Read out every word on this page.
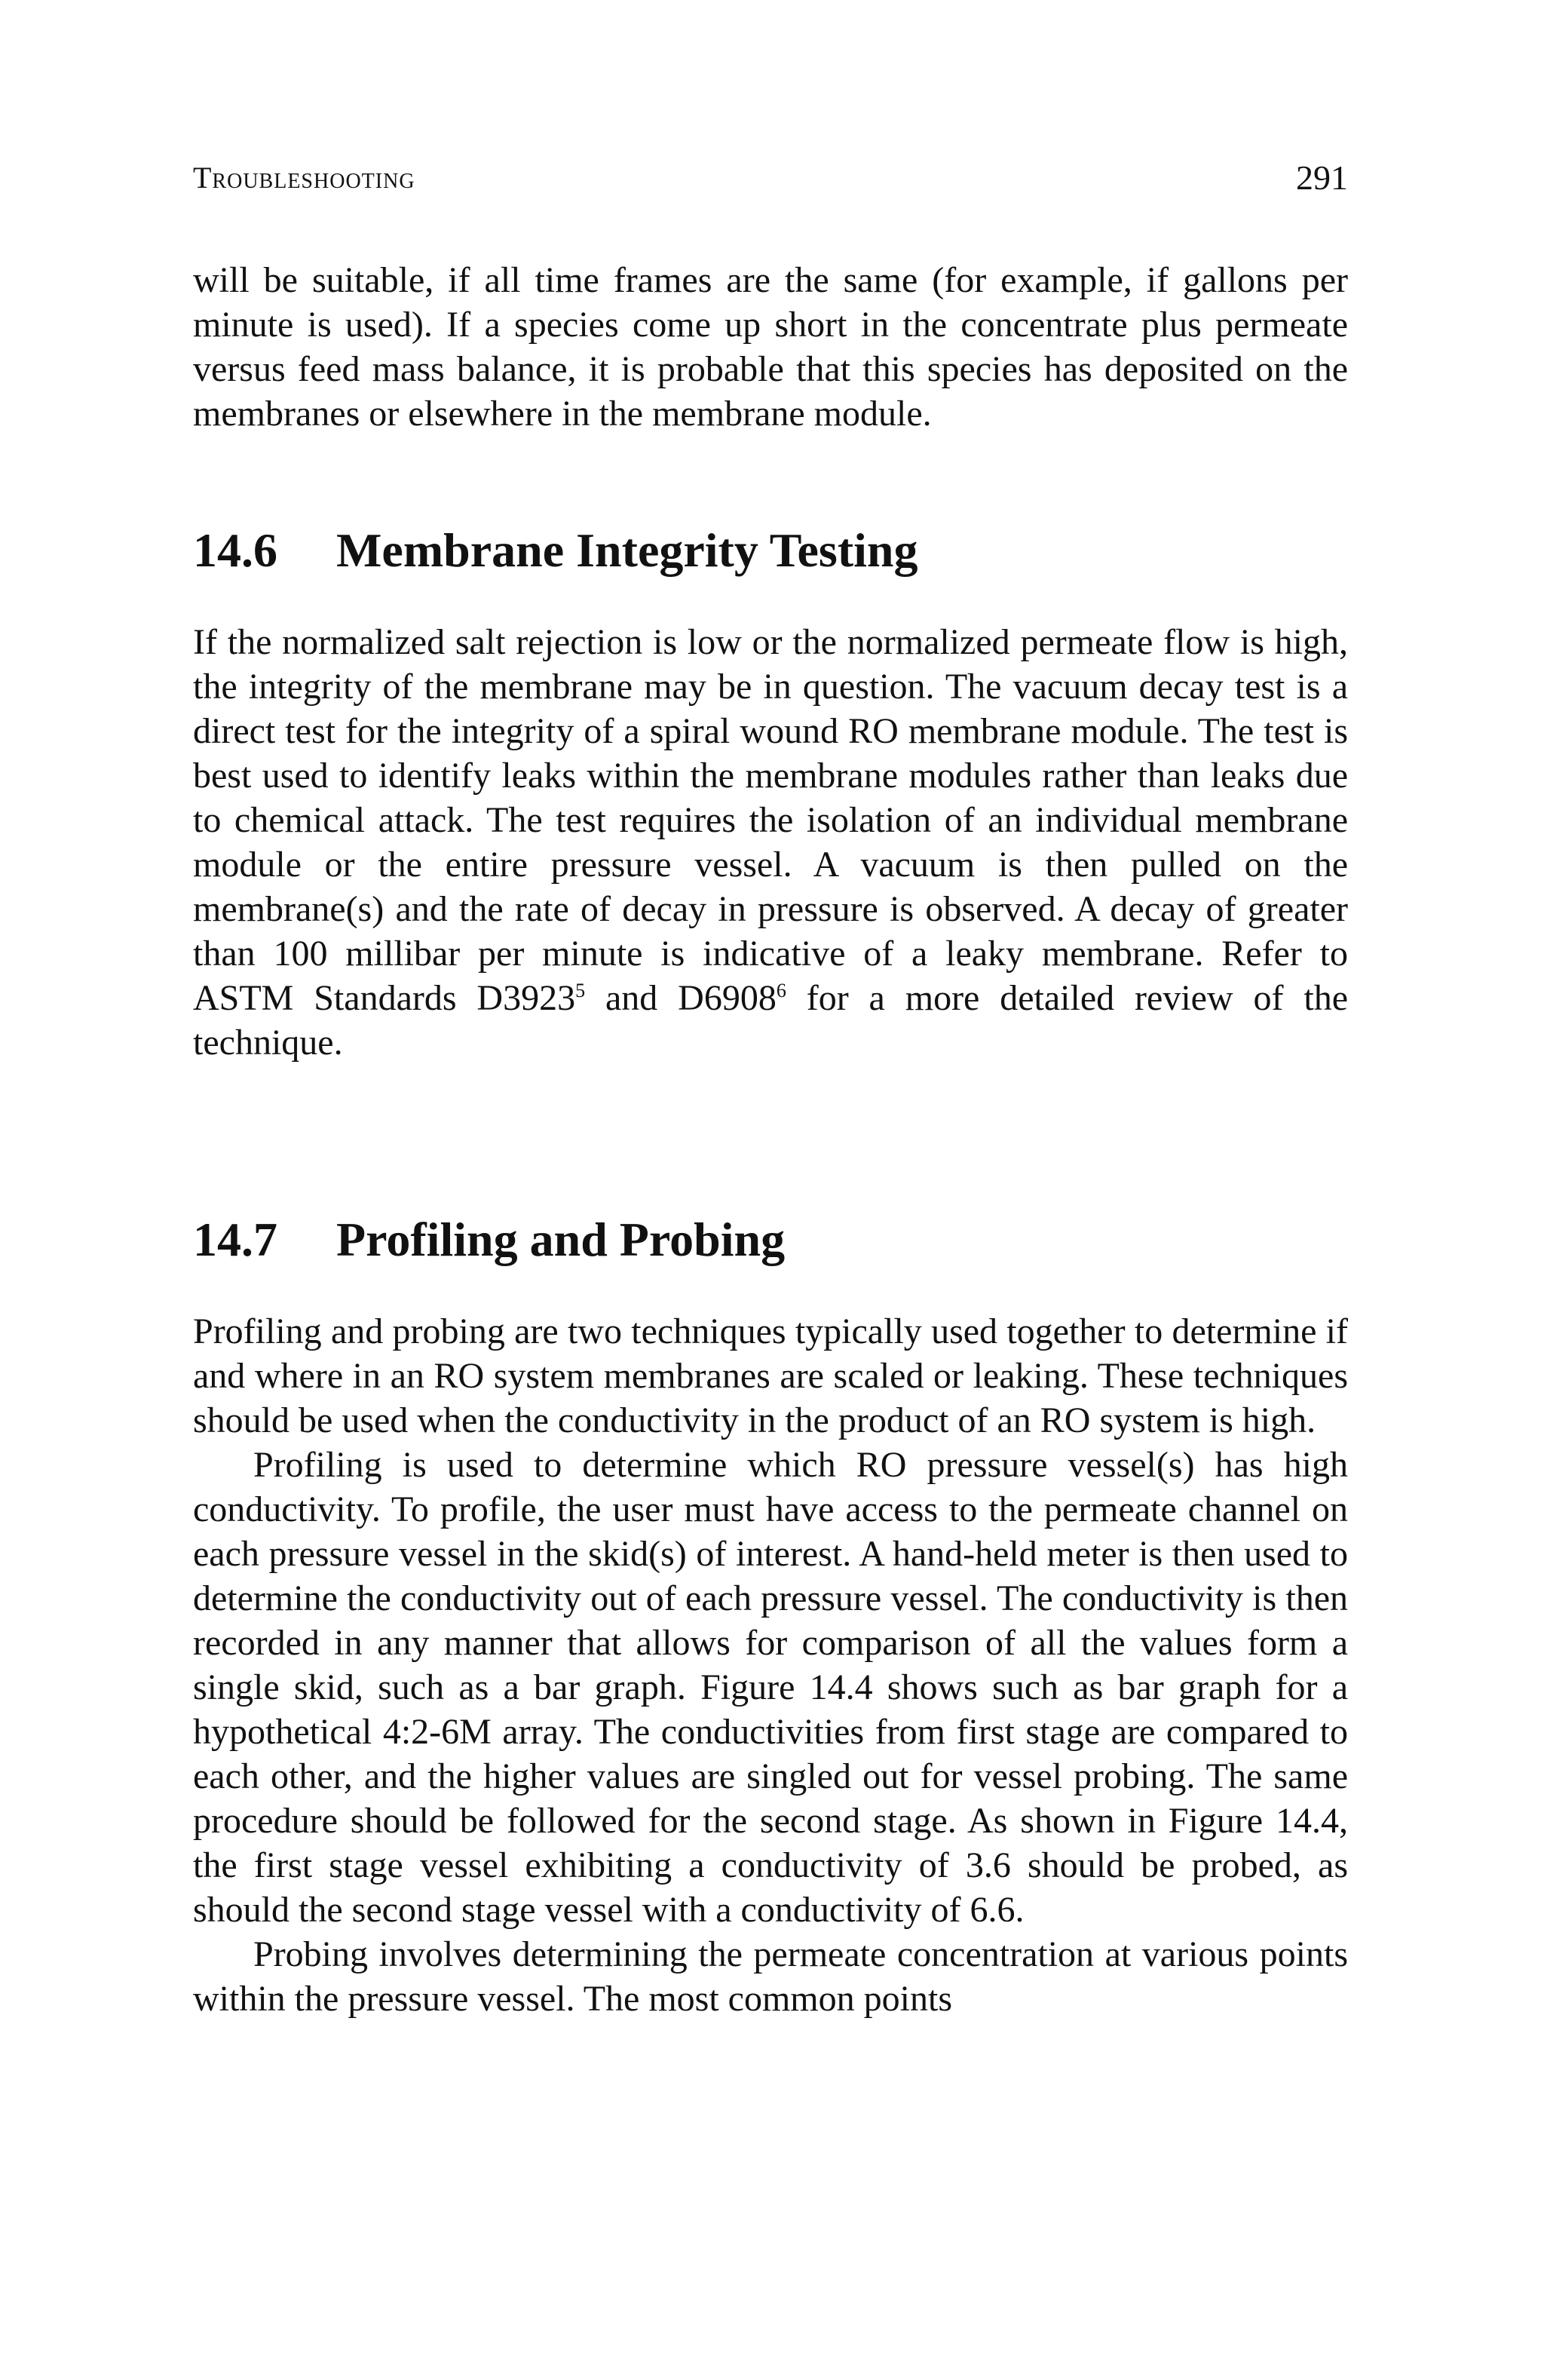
Troubleshooting	291

will be suitable, if all time frames are the same (for example, if gallons per minute is used). If a species come up short in the concentrate plus permeate versus feed mass balance, it is probable that this species has deposited on the membranes or elsewhere in the membrane module.

14.6 Membrane Integrity Testing

If the normalized salt rejection is low or the normalized permeate flow is high, the integrity of the membrane may be in question. The vacuum decay test is a direct test for the integrity of a spiral wound RO membrane module. The test is best used to identify leaks within the membrane modules rather than leaks due to chemical attack. The test requires the isolation of an individual membrane module or the entire pressure vessel. A vacuum is then pulled on the membrane(s) and the rate of decay in pressure is observed. A decay of greater than 100 millibar per minute is indicative of a leaky membrane. Refer to ASTM Standards D3923$^5$ and D6908$^6$ for a more detailed review of the technique.

14.7 Profiling and Probing

Profiling and probing are two techniques typically used together to determine if and where in an RO system membranes are scaled or leaking. These techniques should be used when the conductivity in the product of an RO system is high.

Profiling is used to determine which RO pressure vessel(s) has high conductivity. To profile, the user must have access to the permeate channel on each pressure vessel in the skid(s) of interest. A hand-held meter is then used to determine the conductivity out of each pressure vessel. The conductivity is then recorded in any manner that allows for comparison of all the values form a single skid, such as a bar graph. Figure 14.4 shows such as bar graph for a hypothetical 4:2-6M array. The conductivities from first stage are compared to each other, and the higher values are singled out for vessel probing. The same procedure should be followed for the second stage. As shown in Figure 14.4, the first stage vessel exhibiting a conductivity of 3.6 should be probed, as should the second stage vessel with a conductivity of 6.6.

Probing involves determining the permeate concentration at various points within the pressure vessel. The most common points
